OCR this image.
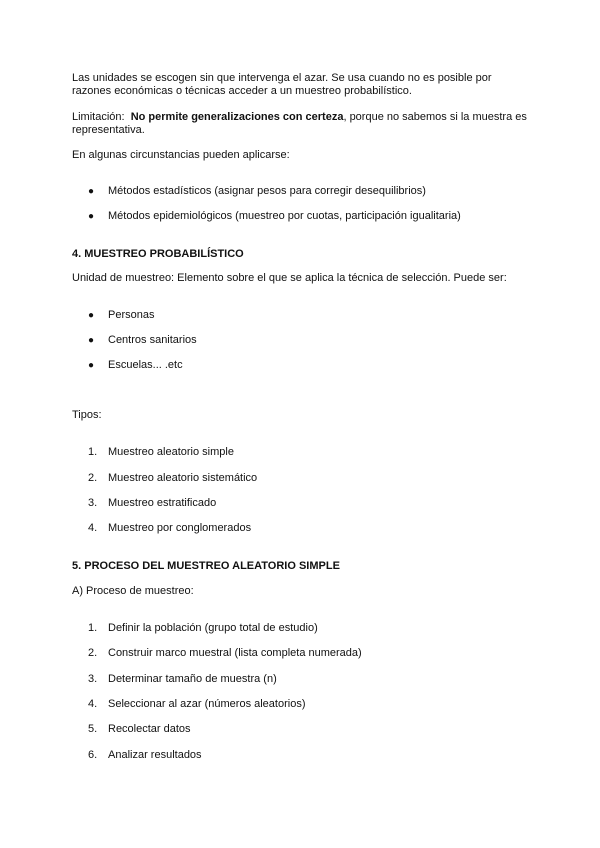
Las unidades se escogen sin que intervenga el azar. Se usa cuando no es posible por razones económicas o técnicas acceder a un muestreo probabilístico.

Limitación: No permite generalizaciones con certeza, porque no sabemos si la muestra es representativa.

En algunas circunstancias pueden aplicarse:

● Métodos estadísticos (asignar pesos para corregir desequilibrios)

● Métodos epidemiológicos (muestreo por cuotas, participación igualitaria)

4. MUESTREO PROBABILÍSTICO

Unidad de muestreo: Elemento sobre el que se aplica la técnica de selección. Puede ser:

● Personas

● Centros sanitarios

● Escuelas... .etc

Tipos:

1. Muestreo aleatorio simple

2. Muestreo aleatorio sistemático

3. Muestreo estratificado

4. Muestreo por conglomerados

5. PROCESO DEL MUESTREO ALEATORIO SIMPLE

A) Proceso de muestreo:

1. Definir la población (grupo total de estudio)

2. Construir marco muestral (lista completa numerada)

3. Determinar tamaño de muestra (n)

4. Seleccionar al azar (números aleatorios)

5. Recolectar datos

6. Analizar resultados
